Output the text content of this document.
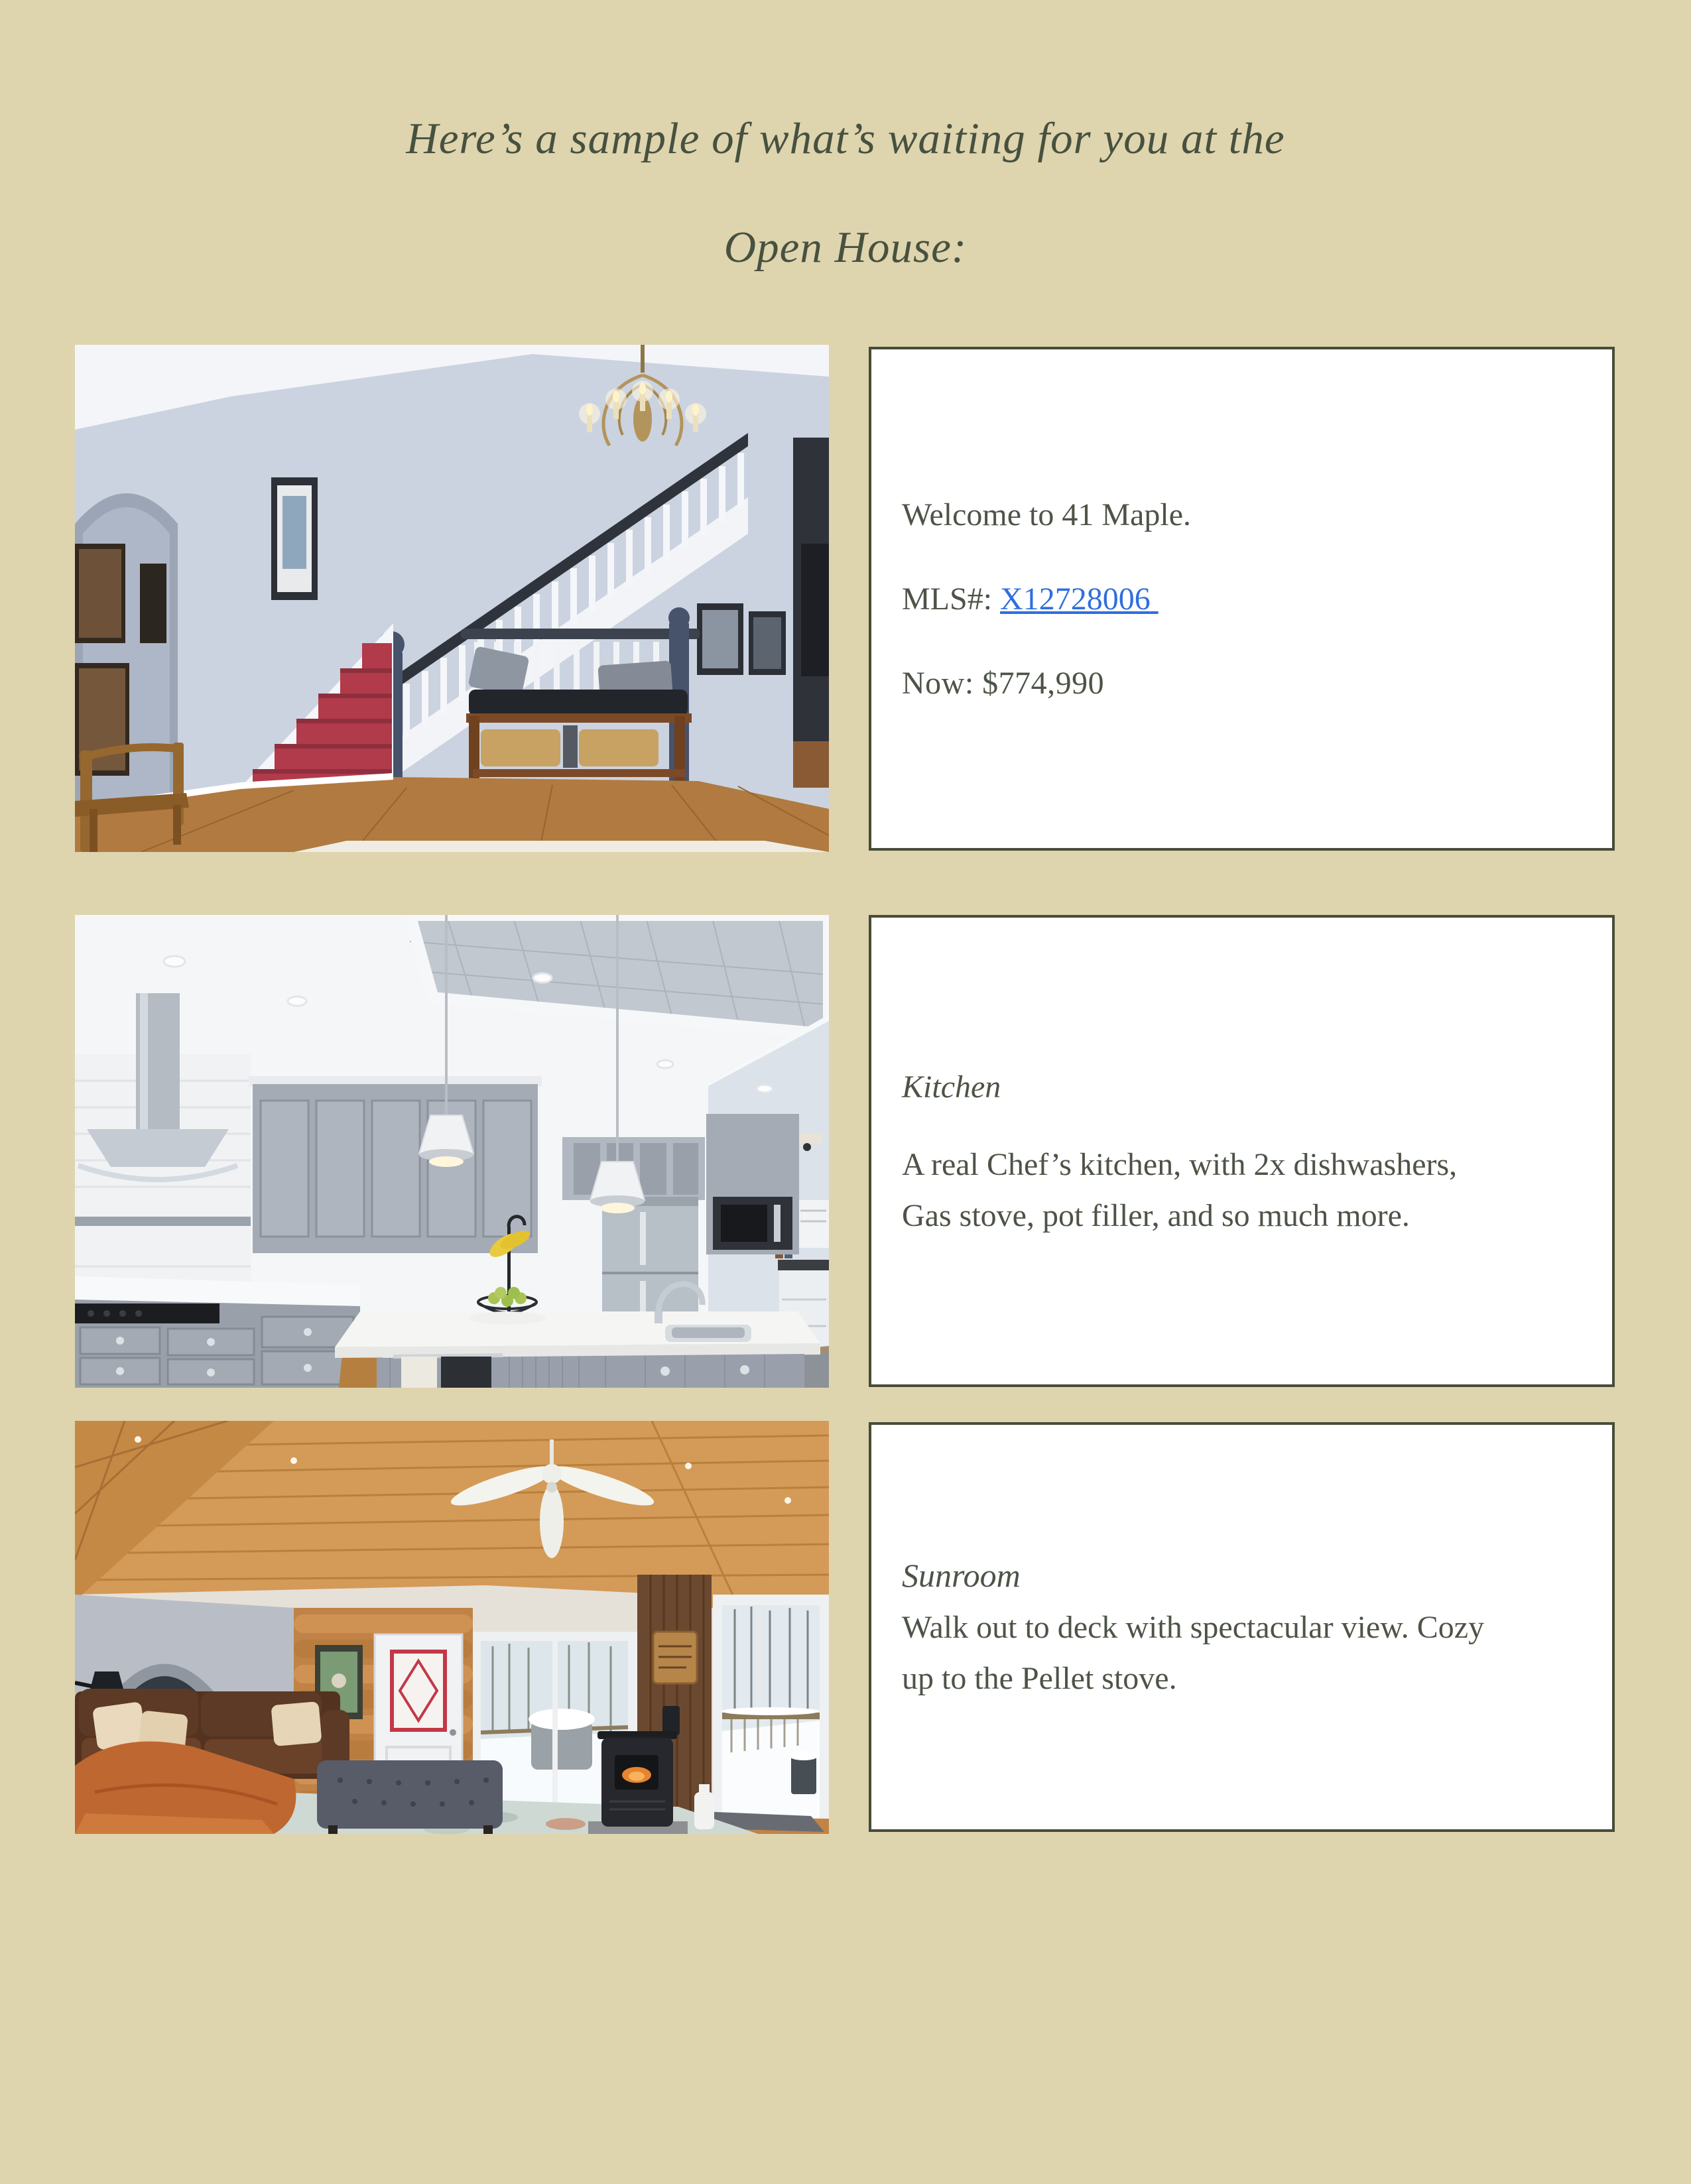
Here’s a sample of what’s waiting for you at the
Open House:

Welcome to 41 Maple.

MLS#: X12728006

Now: $774,990

Kitchen

A real Chef’s kitchen, with 2x dishwashers,
Gas stove, pot filler, and so much more.

Sunroom
Walk out to deck with spectacular view. Cozy
up to the Pellet stove.
